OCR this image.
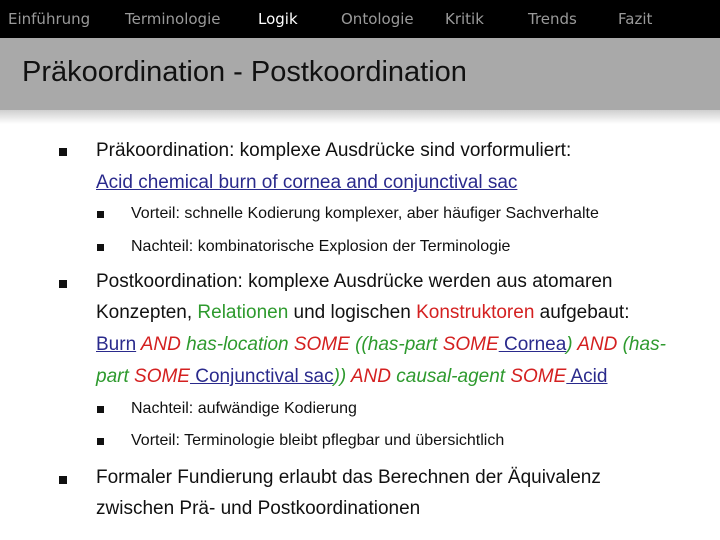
Einführung Terminologie	Logik	Ontologie Kritik	Trends	Fazit
Präkoordination - Postkoordination
Präkoordination: komplexe Ausdrücke sind vorformuliert:
Acid chemical burn of cornea and conjunctival sac
Vorteil: schnelle Kodierung komplexer, aber häufiger Sachverhalte
Nachteil: kombinatorische Explosion der Terminologie
Postkoordination: komplexe Ausdrücke werden aus atomaren
Konzepten, Relationen und logischen Konstruktoren aufgebaut:
Burn AND has-location SOME ((has-part SOME Cornea) AND (has-
part SOME Conjunctival sac)) AND causal-agent SOME Acid
Nachteil: aufwändige Kodierung
Vorteil: Terminologie bleibt pflegbar und übersichtlich
Formaler Fundierung erlaubt das Berechnen der Äquivalenz
zwischen Prä- und Postkoordinationen
